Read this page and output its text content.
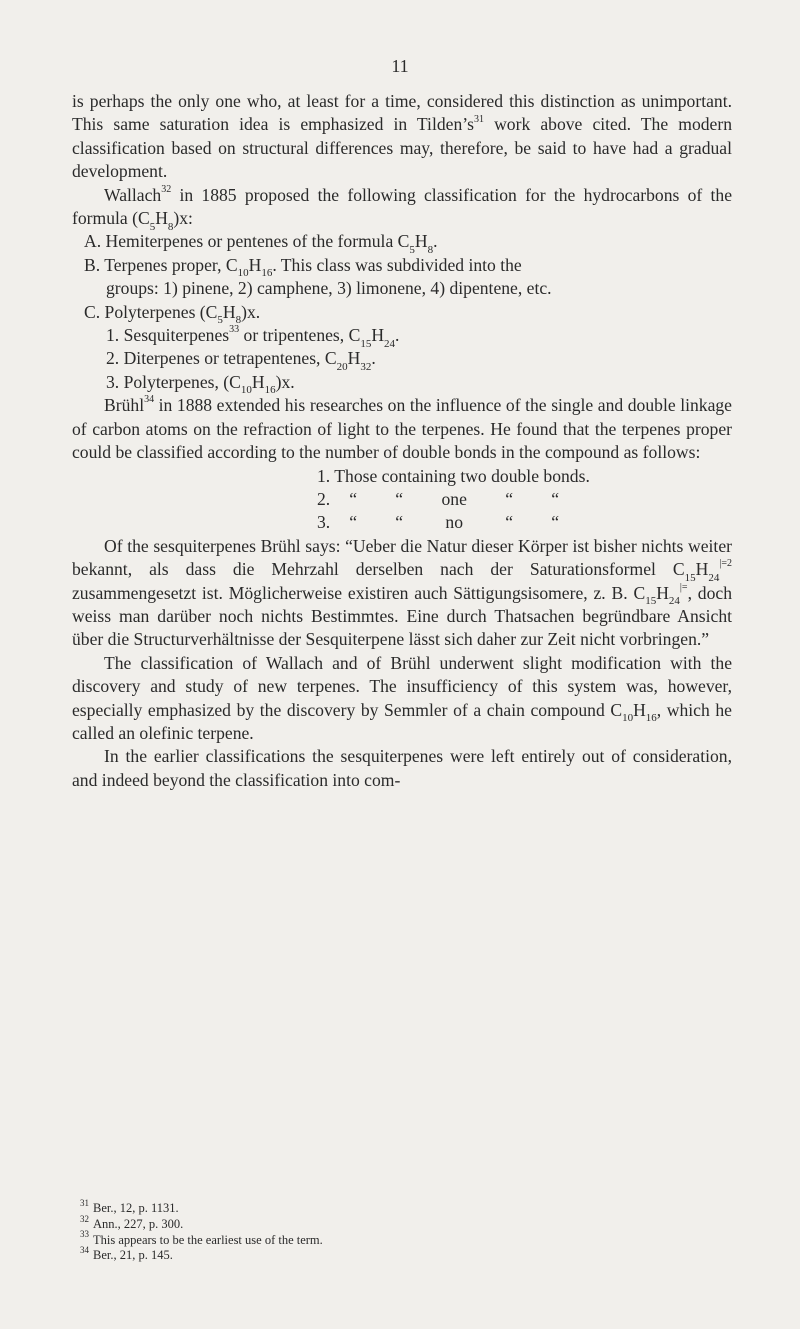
11

is perhaps the only one who, at least for a time, considered this distinction as unimportant. This same saturation idea is emphasized in $Tilden’s^{31}$ work above cited. The modern classification based on structural differences may, therefore, be said to have had a gradual development.

Wallach$^{32}$ in 1885 proposed the following classification for the hydrocarbons of the formula $(C_5H_8)x$:

A. Hemiterpenes or pentenes of the formula $C_5H_8$.
B. Terpenes proper, $C_{10}H_{16}$. This class was subdivided into the
groups: 1) pinene, 2) camphene, 3) limonene, 4) dipentene, etc.
C. Polyterpenes $(C_5H_8)x$.
1. Sesquiterpenes$^{33}$ or tripentenes, $C_{15}H_{24}$.
2. Diterpenes or tetrapentenes, $C_{20}H_{32}$.
3. Polyterpenes, $(C_{10}H_{16})x$.

Brühl$^{34}$ in 1888 extended his researches on the influence of the single and double linkage of carbon atoms on the refraction of light to the terpenes. He found that the terpenes proper could be classified according to the number of double bonds in the compound as follows:

1. Those containing two double bonds.
2. “ “ one “ “
3. “ “ no “ “

Of the sesquiterpenes Brühl says: “Ueber die Natur dieser Körper ist bisher nichts weiter bekannt, als dass die Mehrzahl derselben nach der Saturationsformel $C_{15}H_{24}^{|=2}$ zusammengesetzt ist. Möglicherweise existiren auch Sättigungsisomere, z. B. $C_{15}H_{24}^{|=}$, doch weiss man darüber noch nichts Bestimmtes. Eine durch Thatsachen begründbare Ansicht über die Structurverhältnisse der Sesquiterpene lässt sich daher zur Zeit nicht vorbringen.”

The classification of Wallach and of Brühl underwent slight modification with the discovery and study of new terpenes. The insufficiency of this system was, however, especially emphasized by the discovery by Semmler of a chain compound $C_{10}H_{16}$, which he called an olefinic terpene.

In the earlier classifications the sesquiterpenes were left entirely out of consideration, and indeed beyond the classification into com-

$^{31}$ Ber., 12, p. 1131.
$^{32}$ Ann., 227, p. 300.
$^{33}$ This appears to be the earliest use of the term.
$^{34}$ Ber., 21, p. 145.
